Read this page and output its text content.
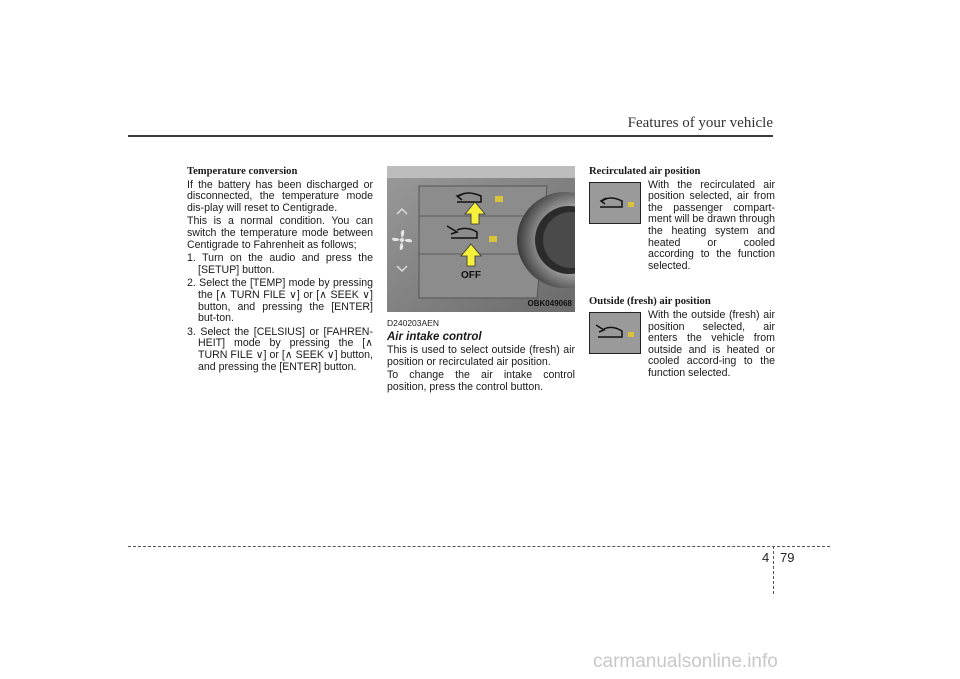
Features of your vehicle

Temperature conversion

If the battery has been discharged or disconnected, the temperature mode dis-play will reset to Centigrade.

This is a normal condition. You can switch the temperature mode between Centigrade to Fahrenheit as follows;

1. Turn on the audio and press the [SETUP] button.
2. Select the [TEMP] mode by pressing the [∧ TURN FILE ∨] or [∧ SEEK ∨] button, and pressing the [ENTER] but-ton.
3. Select the [CELSIUS] or [FAHREN-HEIT] mode by pressing the [∧ TURN FILE ∨] or [∧ SEEK ∨] button, and pressing the [ENTER] button.
OFF
OBK049068

D240203AEN

Air intake control

This is used to select outside (fresh) air position or recirculated air position.

To change the air intake control position, press the control button.

Recirculated air position

With the recirculated air position selected, air from the passenger compart-ment will be drawn through the heating system and heated or cooled according to the function selected.

Outside (fresh) air position

With the outside (fresh) air position selected, air enters the vehicle from outside and is heated or cooled accord-ing to the function selected.

4 79
carmanualsonline.info
